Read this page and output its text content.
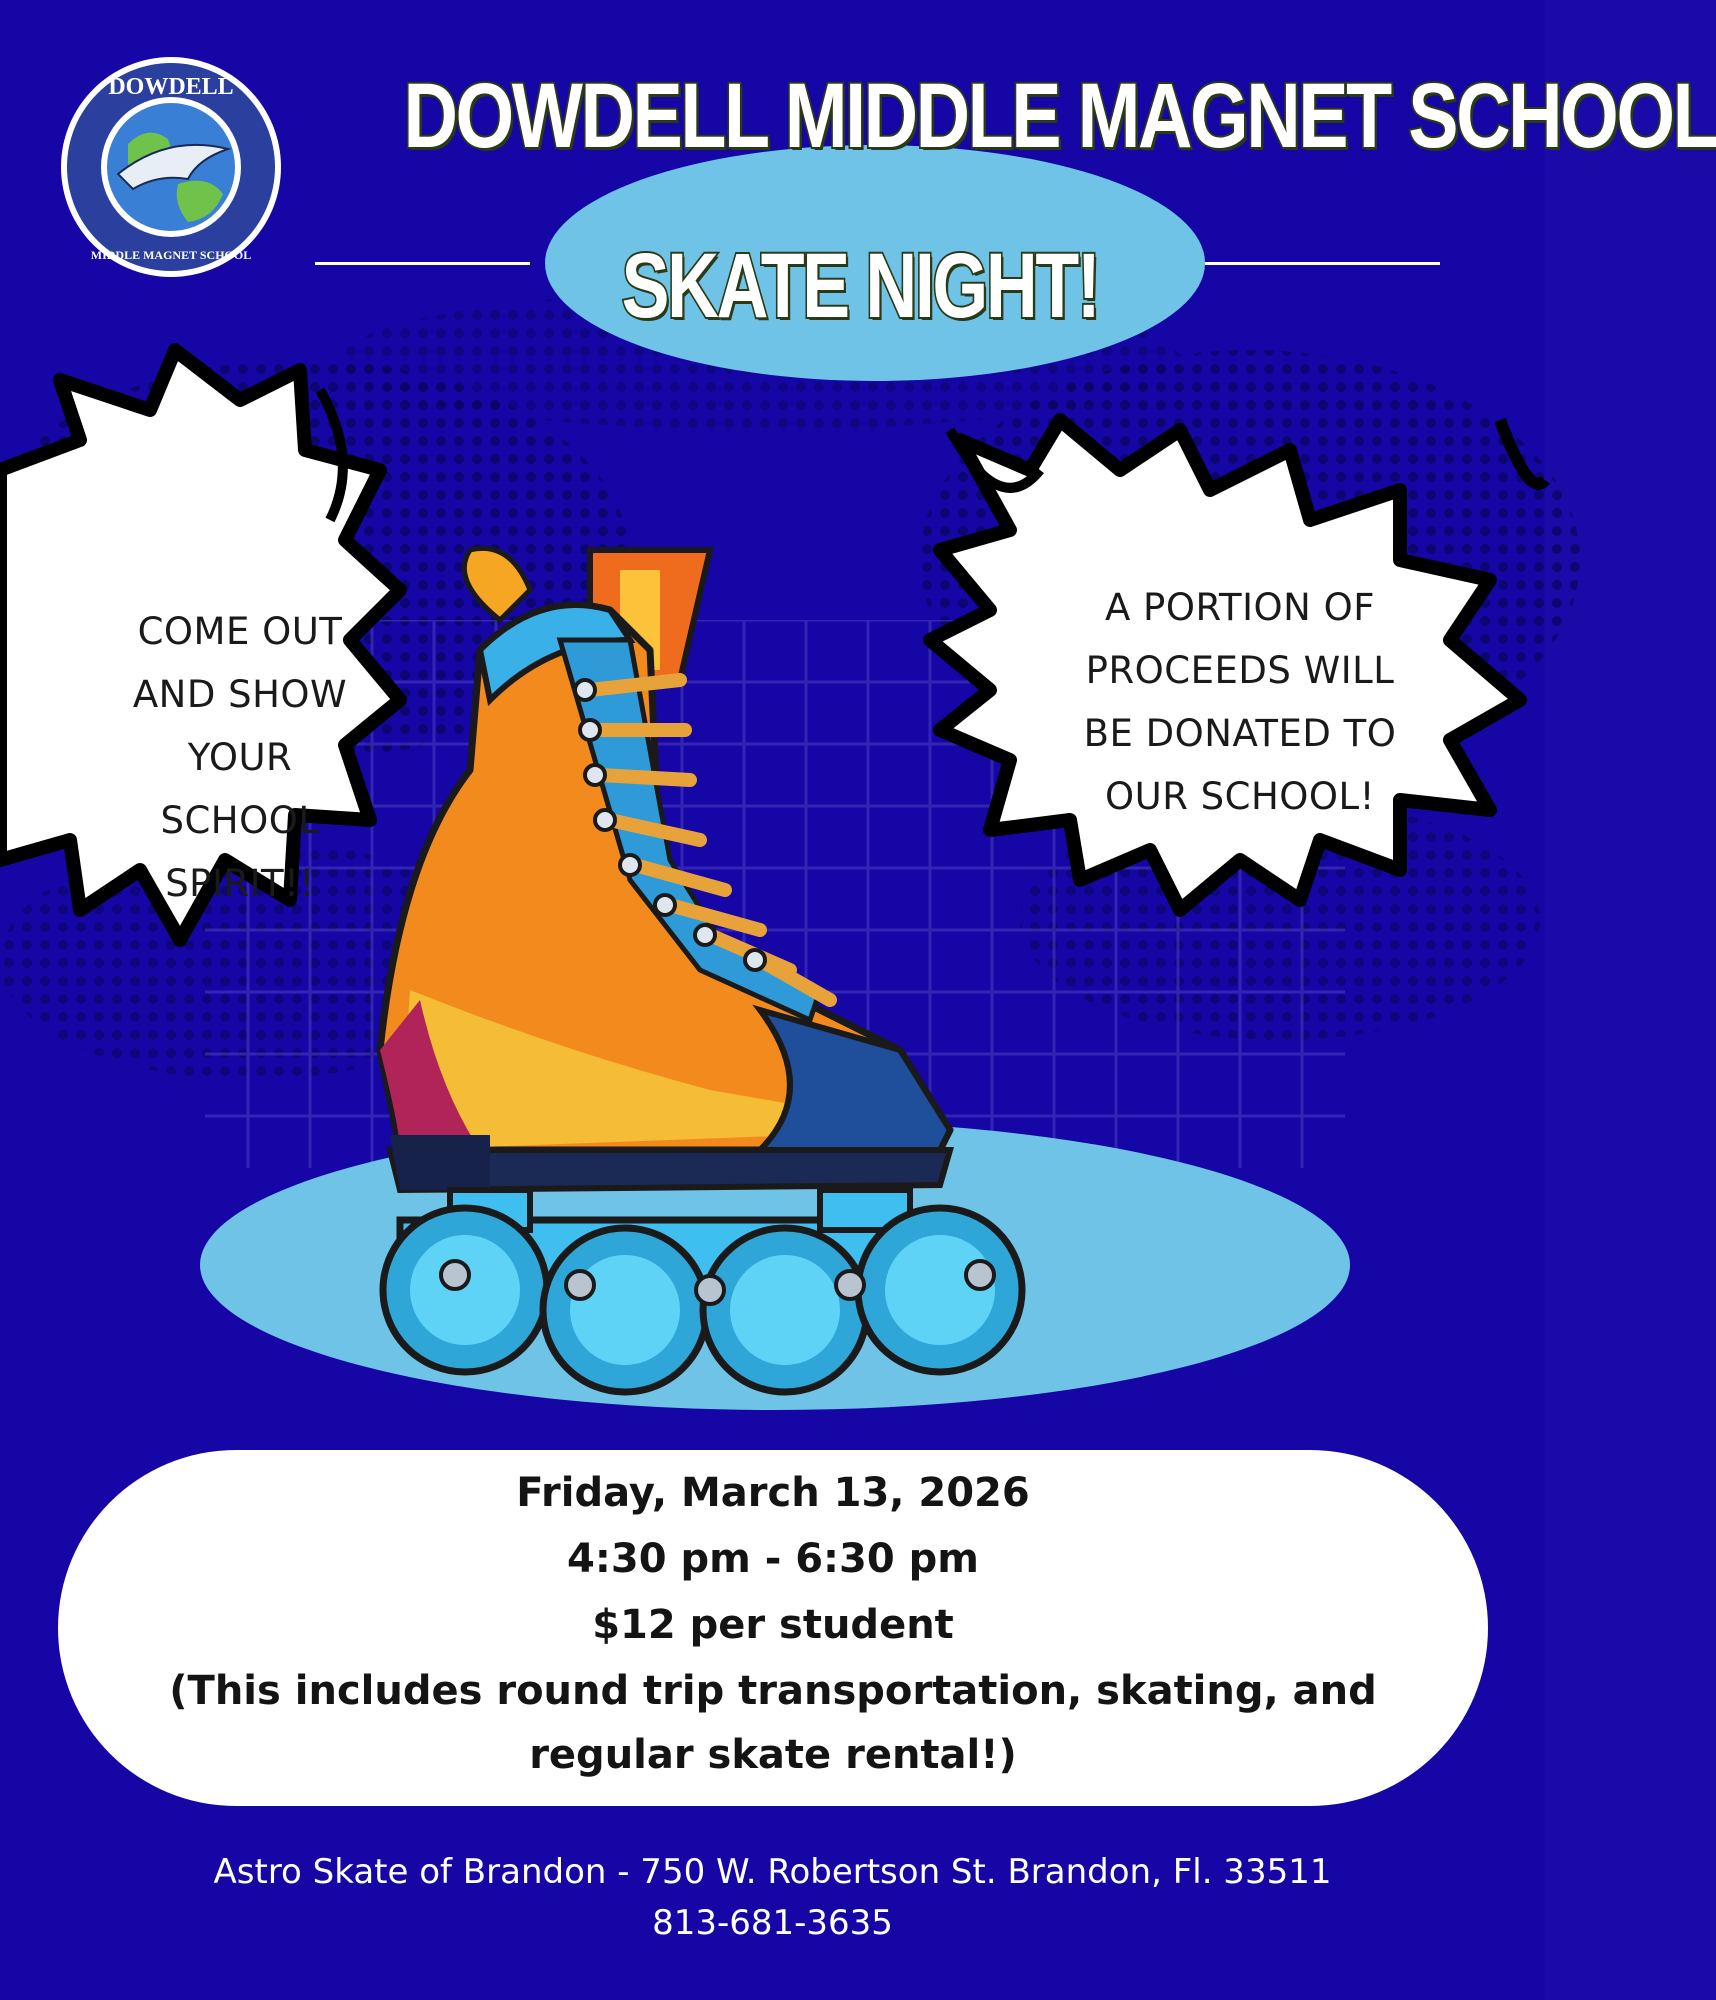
DOWDELL
MIDDLE MAGNET SCHOOL
DOWDELL MIDDLE MAGNET SCHOOL
SKATE NIGHT!
COME OUT
AND SHOW
YOUR
SCHOOL
SPIRIT!!
A PORTION OF
PROCEEDS WILL
BE DONATED TO
OUR SCHOOL!
Friday, March 13, 2026
4:30 pm - 6:30 pm
$12 per student
(This includes round trip transportation, skating, and
regular skate rental!)
Astro Skate of Brandon - 750 W. Robertson St. Brandon, Fl. 33511
813-681-3635
